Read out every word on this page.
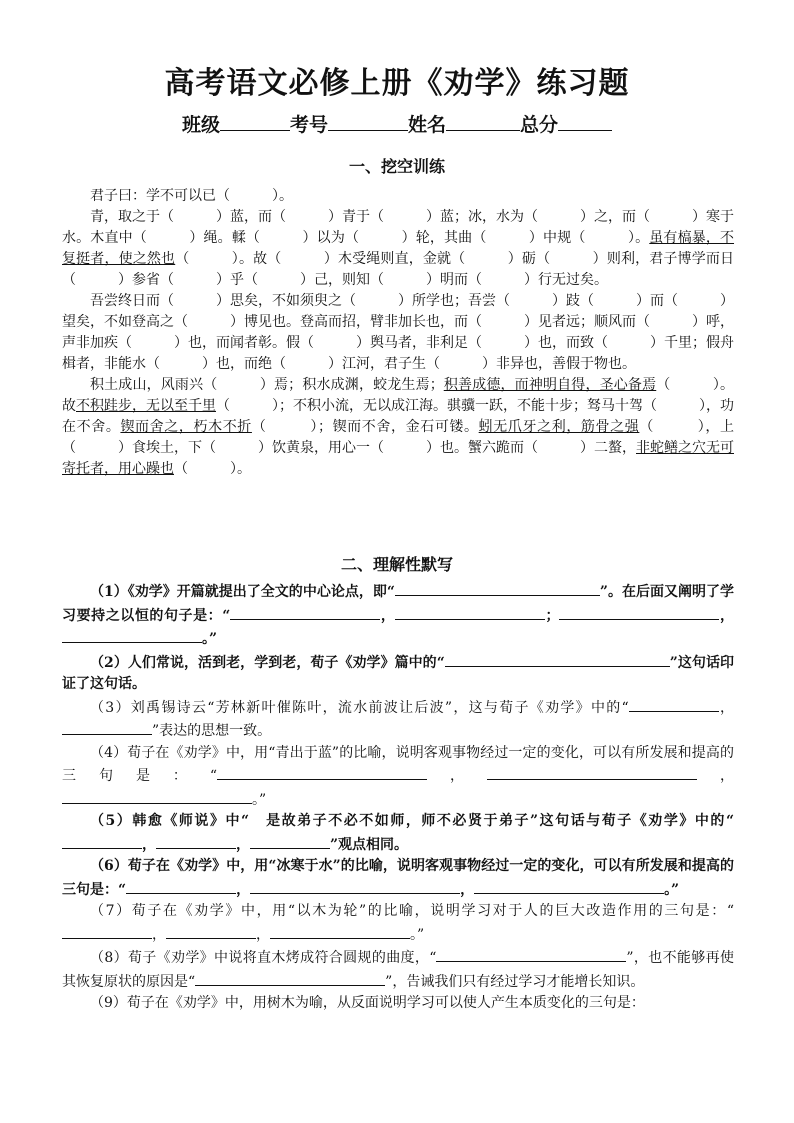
高考语文必修上册《劝学》练习题
班级	考号	姓名	总分
一、挖空训练

君子曰：学不可以已（　　　）。

青，取之于（　　　）蓝，而（　　　）青于（　　　）蓝；冰，水为（　　　）之，而（　　　）寒于水。木直中（　　　）绳。輮（　　　）以为（　　　）轮，其曲（　　　）中规（　　　）。虽有槁暴，不复挺者，使之然也（　　　）。故（　　　）木受绳则直，金就（　　　）砺（　　　）则利，君子博学而日（　　　）参省（　　　）乎（　　　）己，则知（　　　）明而（　　　）行无过矣。

吾尝终日而（　　　）思矣，不如须臾之（　　　）所学也；吾尝（　　　）跂（　　　）而（　　　）望矣，不如登高之（　　　）博见也。登高而招，臂非加长也，而（　　　）见者远；顺风而（　　　）呼，声非加疾（　　　）也，而闻者彰。假（　　　）舆马者，非利足（　　　）也，而致（　　　）千里；假舟楫者，非能水（　　　）也，而绝（　　　）江河，君子生（　　　）非异也，善假于物也。

积土成山，风雨兴（　　　）焉；积水成渊，蛟龙生焉；积善成德，而神明自得，圣心备焉（　　　）。故不积跬步，无以至千里（　　　）；不积小流，无以成江海。骐骥一跃，不能十步；驽马十驾（　　　），功在不舍。锲而舍之，朽木不折（　　　）；锲而不舍，金石可镂。蚓无爪牙之利，筋骨之强（　　　），上（　　　）食埃土，下（　　　）饮黄泉，用心一（　　　）也。蟹六跪而（　　　）二螯，非蛇鳝之穴无可寄托者，用心躁也（　　　）。

二、理解性默写

（1）《劝学》开篇就提出了全文的中心论点，即“	”。在后面又阐明了学习要持之以恒的句子是：“	，	；	，。”

（2）人们常说，活到老，学到老，荀子《劝学》篇中的“	”这句话印证了这句话。

（3）刘禹锡诗云“芳林新叶催陈叶，流水前波让后波”，这与荀子《劝学》中的“	，”表达的思想一致。

（4）荀子在《劝学》中，用“青出于蓝”的比喻，说明客观事物经过一定的变化，可以有所发展和提高的三句是：“	，	，。”

（5）韩愈《师说》中“　是故弟子不必不如师，师不必贤于弟子”这句话与荀子《劝学》中的“，	，	”观点相同。

（6）荀子在《劝学》中，用“冰寒于水”的比喻，说明客观事物经过一定的变化，可以有所发展和提高的三句是：“	，	，	。”

（7）荀子在《劝学》中，用“以木为轮”的比喻，说明学习对于人的巨大改造作用的三句是：“，	，	。”

（8）荀子《劝学》中说将直木烤成符合圆规的曲度，“	”，也不能够再使其恢复原状的原因是“	”，告诫我们只有经过学习才能增长知识。

（9）荀子在《劝学》中，用树木为喻，从反面说明学习可以使人产生本质变化的三句是：
